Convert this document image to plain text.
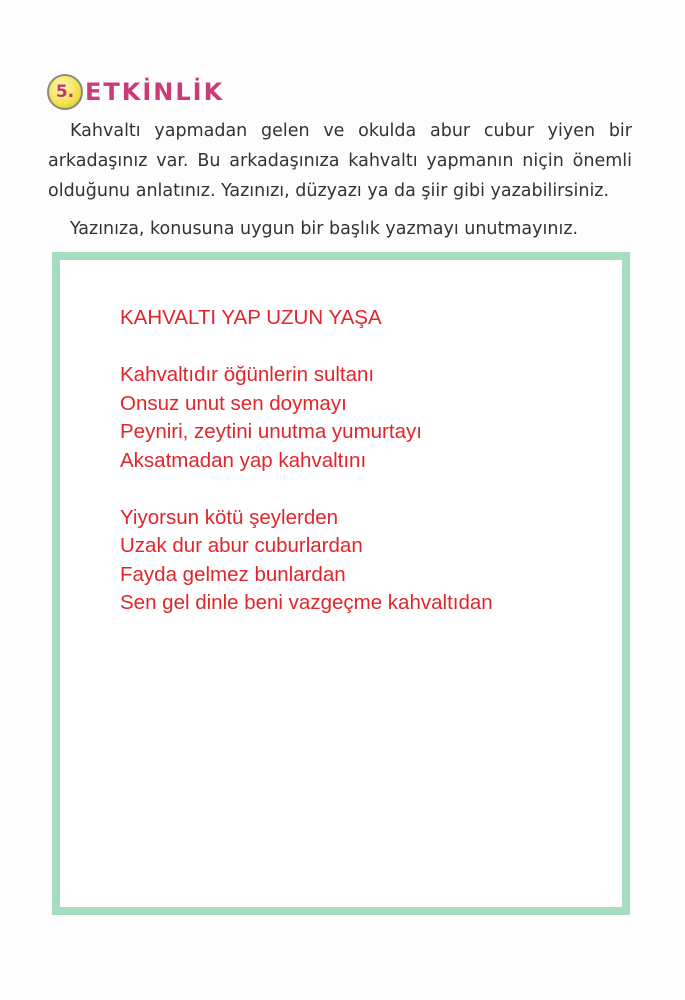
5. ETKİNLİK

Kahvaltı yapmadan gelen ve okulda abur cubur yiyen bir arkadaşınız var. Bu arkadaşınıza kahvaltı yapmanın niçin önemli olduğunu anlatınız. Yazınızı, düzyazı ya da şiir gibi yazabilirsiniz.

Yazınıza, konusuna uygun bir başlık yazmayı unutmayınız.

KAHVALTI YAP UZUN YAŞA
Kahvaltıdır öğünlerin sultanı
Onsuz unut sen doymayı
Peyniri, zeytini unutma yumurtayı
Aksatmadan yap kahvaltını
Yiyorsun kötü şeylerden
Uzak dur abur cuburlardan
Fayda gelmez bunlardan
Sen gel dinle beni vazgeçme kahvaltıdan
